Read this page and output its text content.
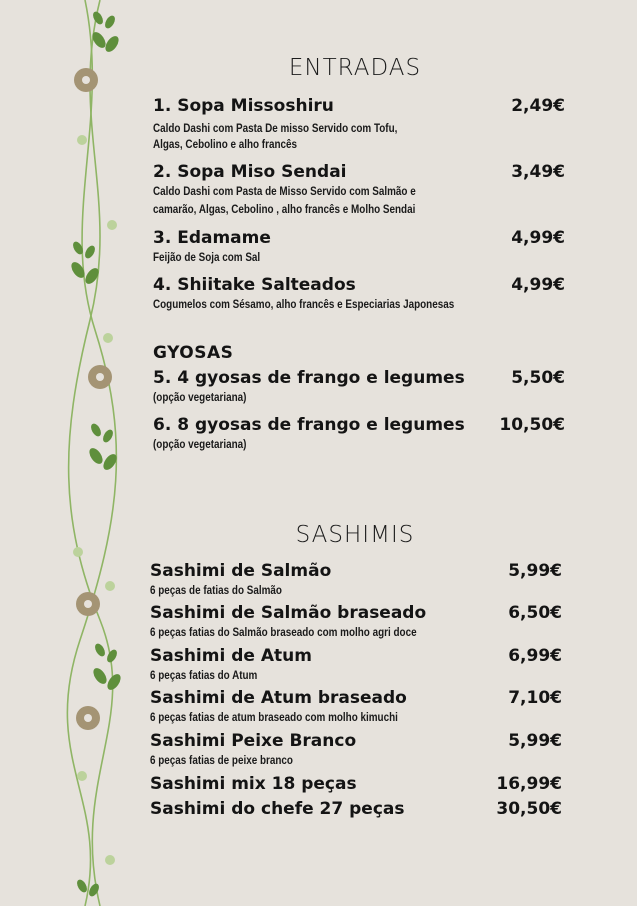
ENTRADAS
1. Sopa Missoshiru	2,49€
Caldo Dashi com Pasta De misso Servido com Tofu,
Algas, Cebolino e alho francês
2. Sopa Miso Sendai	3,49€
Caldo Dashi com Pasta de Misso Servido com Salmão e
camarão, Algas, Cebolino , alho francês e Molho Sendai
3. Edamame	4,99€
Feijão de Soja com Sal
4. Shiitake Salteados	4,99€
Cogumelos com Sésamo, alho francês e Especiarias Japonesas
GYOSAS
5. 4 gyosas de frango e legumes	5,50€
(opção vegetariana)
6. 8 gyosas de frango e legumes 10,50€
(opção vegetariana)
SASHIMIS
Sashimi de Salmão	5,99€
6 peças de fatias do Salmão
Sashimi de Salmão braseado	6,50€
6 peças fatias do Salmão braseado com molho agri doce
Sashimi de Atum	6,99€
6 peças fatias do Atum
Sashimi de Atum braseado	7,10€
6 peças fatias de atum braseado com molho kimuchi
Sashimi Peixe Branco	5,99€
6 peças fatias de peixe branco
Sashimi mix 18 peças	16,99€
Sashimi do chefe 27 peças	30,50€
